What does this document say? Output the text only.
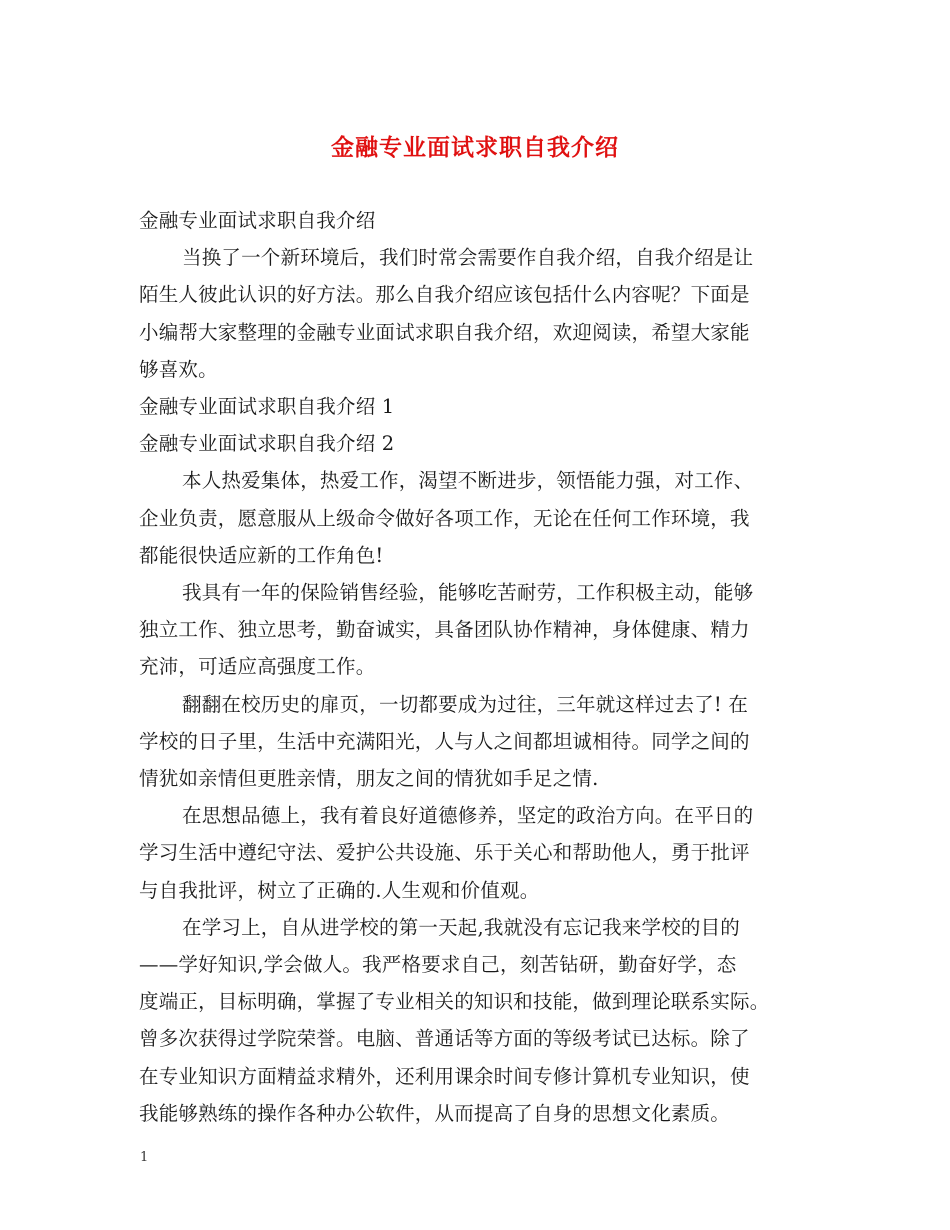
金融专业面试求职自我介绍

金融专业面试求职自我介绍

当换了一个新环境后，我们时常会需要作自我介绍，自我介绍是让

陌生人彼此认识的好方法。那么自我介绍应该包括什么内容呢？下面是

小编帮大家整理的金融专业面试求职自我介绍，欢迎阅读，希望大家能

够喜欢。

金融专业面试求职自我介绍 1

金融专业面试求职自我介绍 2

本人热爱集体，热爱工作，渴望不断进步，领悟能力强，对工作、

企业负责，愿意服从上级命令做好各项工作，无论在任何工作环境，我

都能很快适应新的工作角色!

我具有一年的保险销售经验，能够吃苦耐劳，工作积极主动，能够

独立工作、独立思考，勤奋诚实，具备团队协作精神，身体健康、精力

充沛，可适应高强度工作。

翻翻在校历史的扉页，一切都要成为过往，三年就这样过去了! 在

学校的日子里，生活中充满阳光，人与人之间都坦诚相待。同学之间的

情犹如亲情但更胜亲情，朋友之间的情犹如手足之情.

在思想品德上，我有着良好道德修养，坚定的政治方向。在平日的

学习生活中遵纪守法、爱护公共设施、乐于关心和帮助他人，勇于批评

与自我批评，树立了正确的.人生观和价值观。

在学习上，自从进学校的第一天起,我就没有忘记我来学校的目的

——学好知识,学会做人。我严格要求自己，刻苦钻研，勤奋好学，态

度端正，目标明确，掌握了专业相关的知识和技能，做到理论联系实际。

曾多次获得过学院荣誉。电脑、普通话等方面的等级考试已达标。除了

在专业知识方面精益求精外，还利用课余时间专修计算机专业知识，使

我能够熟练的操作各种办公软件，从而提高了自身的思想文化素质。

1
